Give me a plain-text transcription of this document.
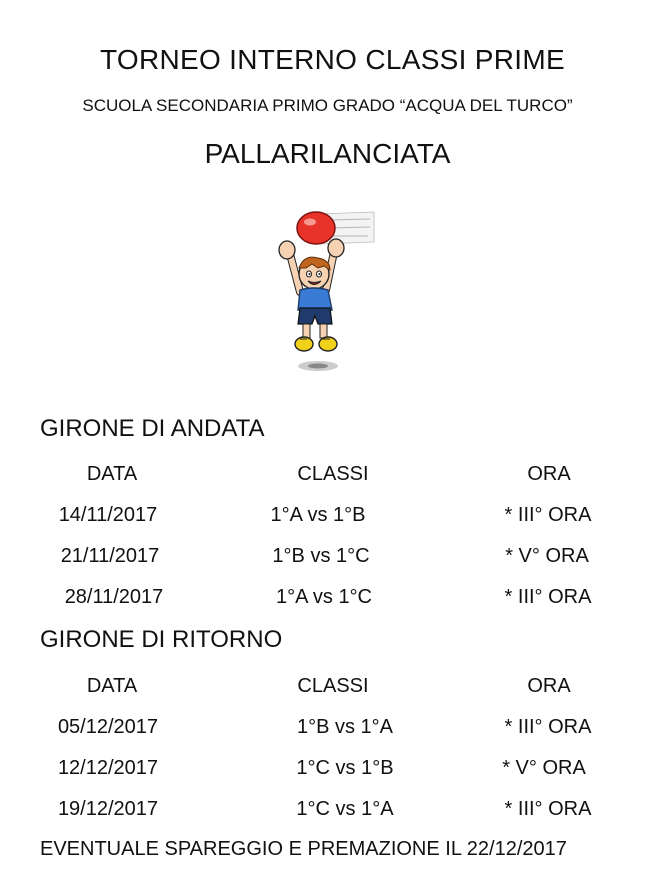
TORNEO INTERNO CLASSI PRIME
SCUOLA SECONDARIA PRIMO GRADO “ACQUA DEL TURCO”
PALLARILANCIATA
GIRONE DI ANDATA
DATA	CLASSI	ORA
14/11/2017	1°A vs 1°B	* III° ORA
21/11/2017	1°B vs 1°C	* V° ORA
28/11/2017	1°A vs 1°C	* III° ORA
GIRONE DI RITORNO
DATA	CLASSI	ORA
05/12/2017	1°B vs 1°A	* III° ORA
12/12/2017	1°C vs 1°B	* V° ORA
19/12/2017	1°C vs 1°A	* III° ORA
EVENTUALE SPAREGGIO E PREMAZIONE IL 22/12/2017
